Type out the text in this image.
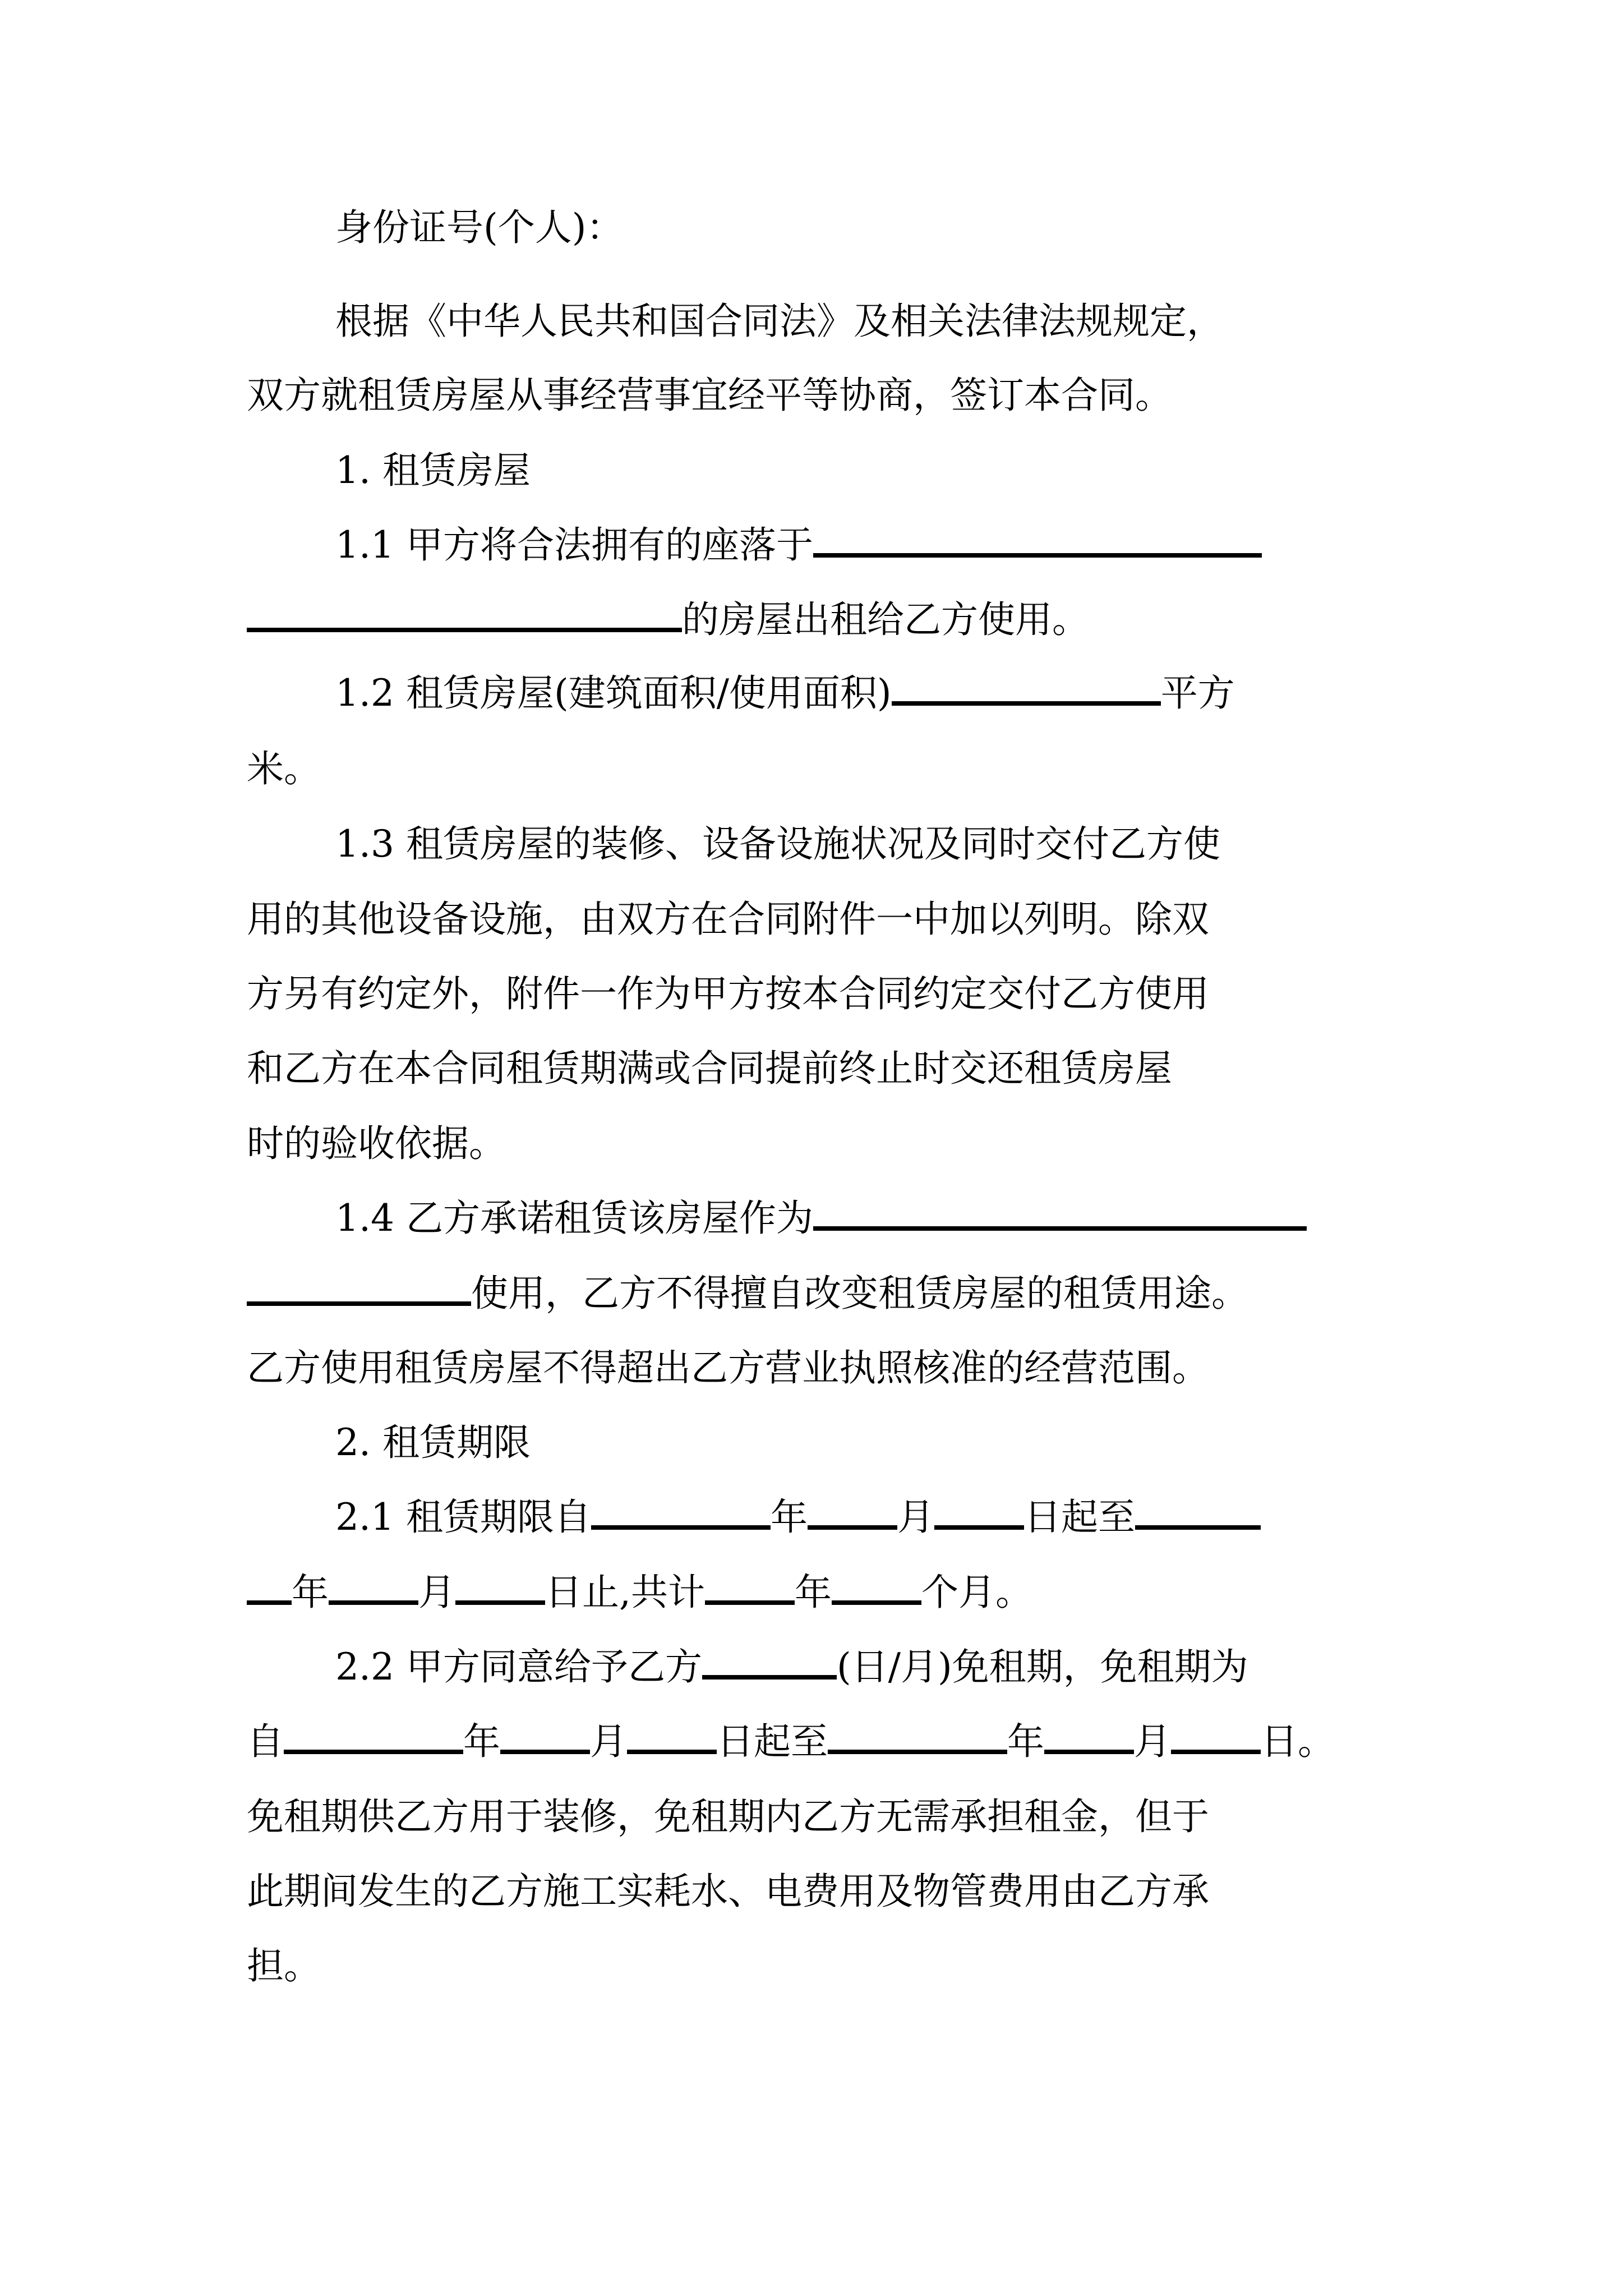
身份证号(个人)：
根据《中华人民共和国合同法》及相关法律法规规定，
双方就租赁房屋从事经营事宜经平等协商，签订本合同。
1. 租赁房屋
1.1 甲方将合法拥有的座落于
的房屋出租给乙方使用。
1.2 租赁房屋(建筑面积/使用面积)	平方
米。
1.3 租赁房屋的装修、设备设施状况及同时交付乙方使
用的其他设备设施，由双方在合同附件一中加以列明。除双
方另有约定外，附件一作为甲方按本合同约定交付乙方使用
和乙方在本合同租赁期满或合同提前终止时交还租赁房屋
时的验收依据。
1.4 乙方承诺租赁该房屋作为
使用，乙方不得擅自改变租赁房屋的租赁用途。
乙方使用租赁房屋不得超出乙方营业执照核准的经营范围。
2. 租赁期限
2.1 租赁期限自	年 月 日起至
年 月 日止,共计 年 个月。
2.2 甲方同意给予乙方	(日/月)免租期，免租期为
自	年 月 日起至	年 月 日。
免租期供乙方用于装修，免租期内乙方无需承担租金，但于
此期间发生的乙方施工实耗水、电费用及物管费用由乙方承
担。
